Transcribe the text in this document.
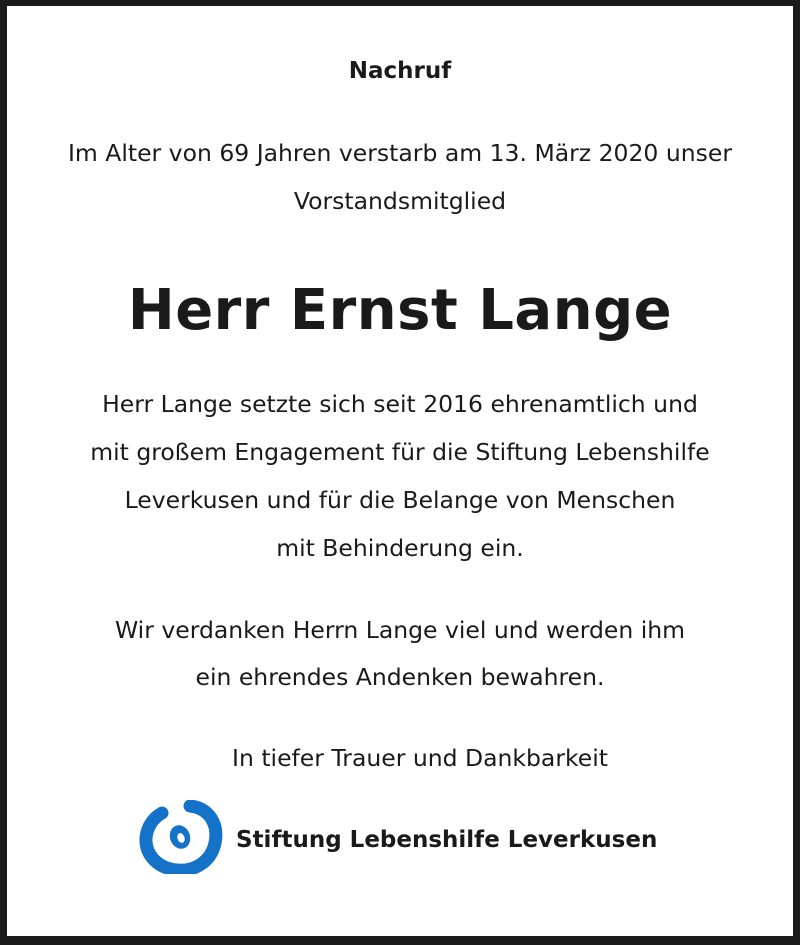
Nachruf
Im Alter von 69 Jahren verstarb am 13. März 2020 unser
Vorstandsmitglied
Herr Ernst Lange
Herr Lange setzte sich seit 2016 ehrenamtlich und
mit großem Engagement für die Stiftung Lebenshilfe
Leverkusen und für die Belange von Menschen
mit Behinderung ein.
Wir verdanken Herrn Lange viel und werden ihm
ein ehrendes Andenken bewahren.
In tiefer Trauer und Dankbarkeit
Stiftung Lebenshilfe Leverkusen
